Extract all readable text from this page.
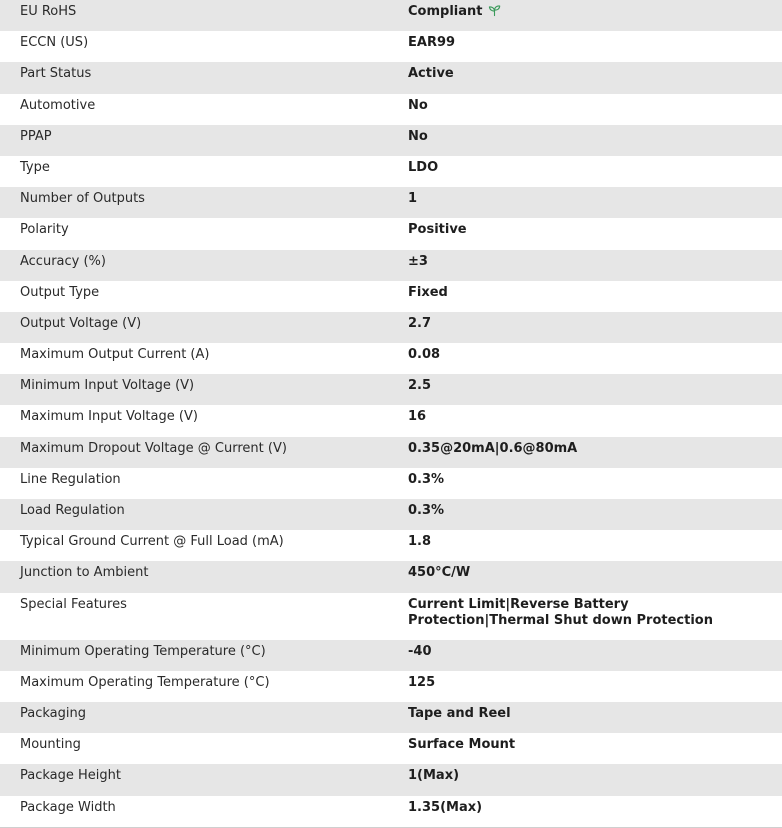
EU RoHS	Compliant
ECCN (US)	EAR99
Part Status	Active
Automotive	No
PPAP	No
Type	LDO
Number of Outputs	1
Polarity	Positive
Accuracy (%)	±3
Output Type	Fixed
Output Voltage (V)	2.7
Maximum Output Current (A)	0.08
Minimum Input Voltage (V)	2.5
Maximum Input Voltage (V)	16
Maximum Dropout Voltage @ Current (V)	0.35@20mA|0.6@80mA
Line Regulation	0.3%
Load Regulation	0.3%
Typical Ground Current @ Full Load (mA)	1.8
Junction to Ambient	450°C/W
Special Features	Current Limit|Reverse Battery Protection|Thermal Shut down Protection
Minimum Operating Temperature (°C)	-40
Maximum Operating Temperature (°C)	125
Packaging	Tape and Reel
Mounting	Surface Mount
Package Height	1(Max)
Package Width	1.35(Max)
